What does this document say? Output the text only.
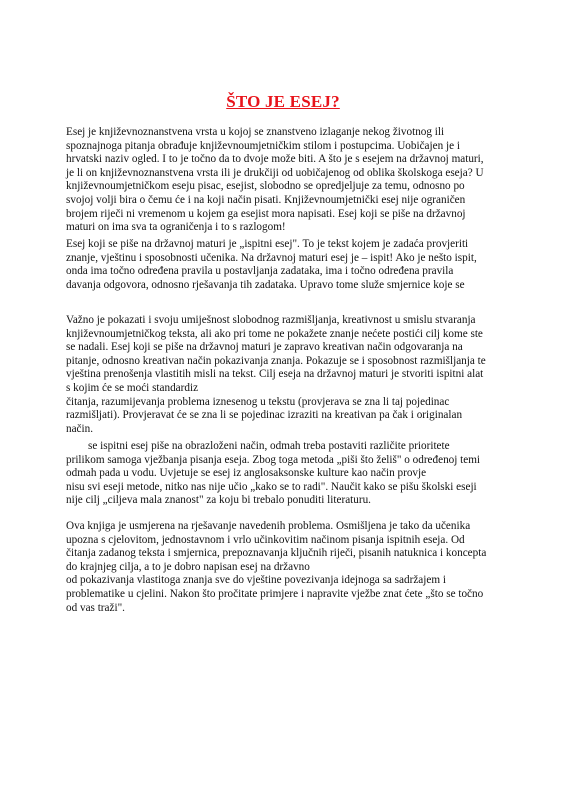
ŠTO JE ESEJ?
Esej je književnoznanstvena vrsta u kojoj se znanstveno izlaganje nekog životnog ili
spoznajnoga pitanja obrađuje književnoumjetničkim stilom i postupcima. Uobičajen je i
hrvatski naziv ogled. I to je točno da to dvoje može biti. A što je s esejem na državnoj maturi,
je li on književnoznanstvena vrsta ili je drukčiji od uobičajenog od oblika školskoga eseja? U
književnoumjetničkom eseju pisac, esejist, slobodno se opredjeljuje za temu, odnosno po
svojoj volji bira o čemu će i na koji način pisati. Književnoumjetnički esej nije ograničen
brojem riječi ni vremenom u kojem ga esejist mora napisati. Esej koji se piše na državnoj
maturi on ima sva ta ograničenja i to s razlogom!
Esej koji se piše na državnoj maturi je „ispitni esej". To je tekst kojem je zadaća provjeriti
znanje, vještinu i sposobnosti učenika. Na državnoj maturi esej je – ispit! Ako je nešto ispit,
onda ima točno određena pravila u postavljanja zadataka, ima i točno određena pravila
davanja odgovora, odnosno rješavanja tih zadataka. Upravo tome služe smjernice koje se
Važno je pokazati i svoju umiješnost slobodnog razmišljanja, kreativnost u smislu stvaranja
književnoumjetničkog teksta, ali ako pri tome ne pokažete znanje nećete postići cilj kome ste
se nadali. Esej koji se piše na državnoj maturi je zapravo kreativan način odgovaranja na
pitanje, odnosno kreativan način pokazivanja znanja. Pokazuje se i sposobnost razmišljanja te
vještina prenošenja vlastitih misli na tekst. Cilj eseja na državnoj maturi je stvoriti ispitni alat
s kojim će se moći standardiz
čitanja, razumijevanja problema iznesenog u tekstu (provjerava se zna li taj pojedinac
razmišljati). Provjeravat će se zna li se pojedinac izraziti na kreativan pa čak i originalan
način.
se ispitni esej piše na obrazloženi način, odmah treba postaviti različite prioritete
prilikom samoga vježbanja pisanja eseja. Zbog toga metoda „piši što želiš" o određenoj temi
odmah pada u vodu. Uvjetuje se esej iz anglosaksonske kulture kao način provje
nisu svi eseji metode, nitko nas nije učio „kako se to radi". Naučit kako se pišu školski eseji
nije cilj „ciljeva mala znanost" za koju bi trebalo ponuditi literaturu.
Ova knjiga je usmjerena na rješavanje navedenih problema. Osmišljena je tako da učenika
upozna s cjelovitom, jednostavnom i vrlo učinkovitim načinom pisanja ispitnih eseja. Od
čitanja zadanog teksta i smjernica, prepoznavanja ključnih riječi, pisanih natuknica i koncepta
do krajnjeg cilja, a to je dobro napisan esej na državno
od pokazivanja vlastitoga znanja sve do vještine povezivanja idejnoga sa sadržajem i
problematike u cjelini. Nakon što pročitate primjere i napravite vježbe znat ćete „što se točno
od vas traži".
